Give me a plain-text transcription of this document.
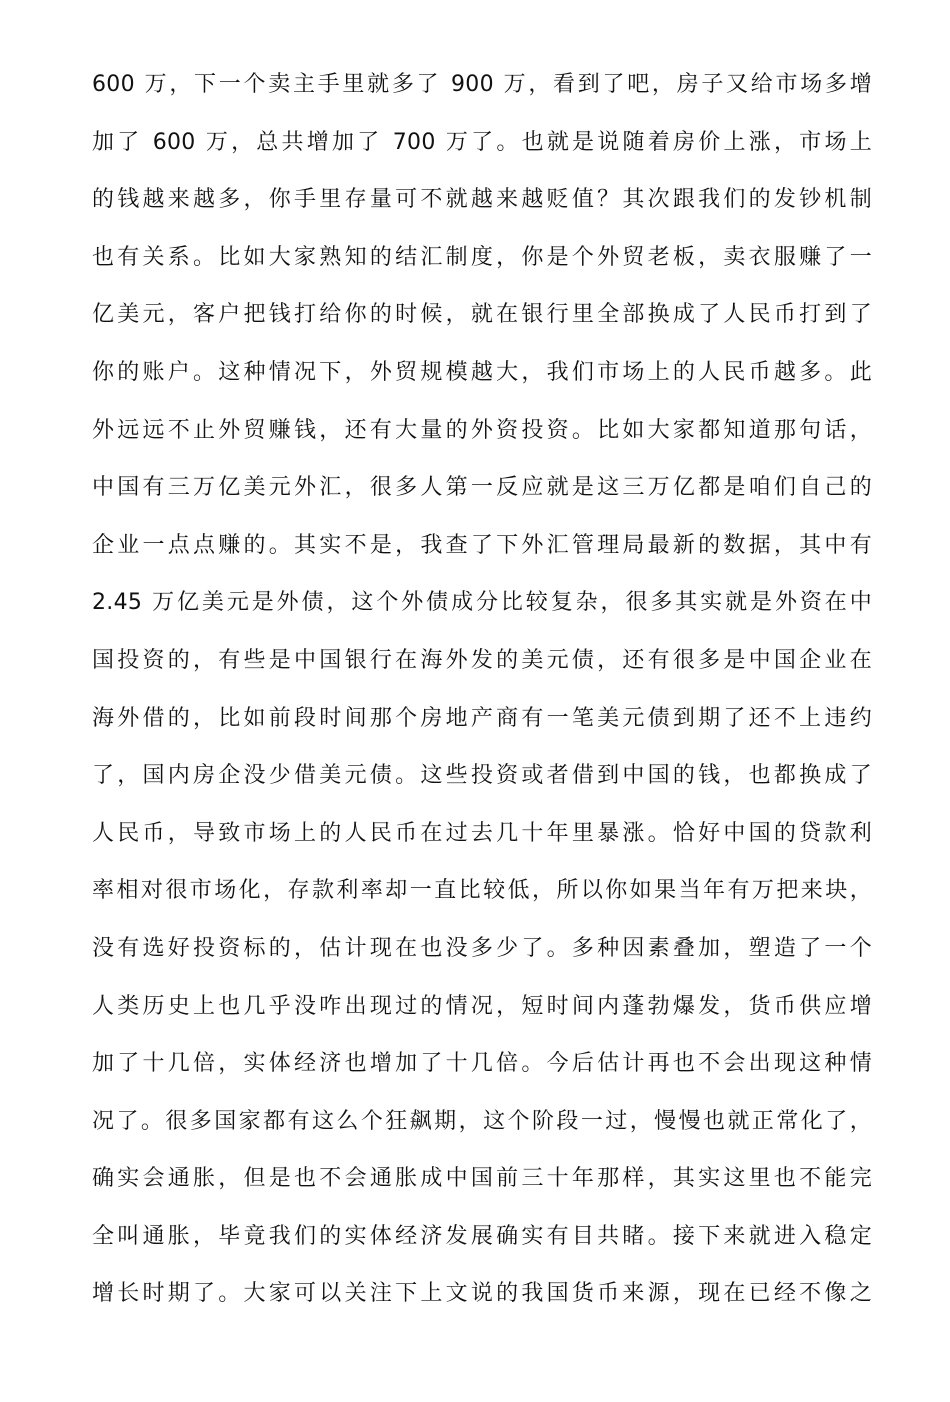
600 万，下一个卖主手里就多了 900 万，看到了吧，房子又给市场多增
加了 600 万，总共增加了 700 万了。也就是说随着房价上涨，市场上
的钱越来越多，你手里存量可不就越来越贬值？其次跟我们的发钞机制
也有关系。比如大家熟知的结汇制度，你是个外贸老板，卖衣服赚了一
亿美元，客户把钱打给你的时候，就在银行里全部换成了人民币打到了
你的账户。这种情况下，外贸规模越大，我们市场上的人民币越多。此
外远远不止外贸赚钱，还有大量的外资投资。比如大家都知道那句话，
中国有三万亿美元外汇，很多人第一反应就是这三万亿都是咱们自己的
企业一点点赚的。其实不是，我查了下外汇管理局最新的数据，其中有
2.45 万亿美元是外债，这个外债成分比较复杂，很多其实就是外资在中
国投资的，有些是中国银行在海外发的美元债，还有很多是中国企业在
海外借的，比如前段时间那个房地产商有一笔美元债到期了还不上违约
了，国内房企没少借美元债。这些投资或者借到中国的钱，也都换成了
人民币，导致市场上的人民币在过去几十年里暴涨。恰好中国的贷款利
率相对很市场化，存款利率却一直比较低，所以你如果当年有万把来块，
没有选好投资标的，估计现在也没多少了。多种因素叠加，塑造了一个
人类历史上也几乎没咋出现过的情况，短时间内蓬勃爆发，货币供应增
加了十几倍，实体经济也增加了十几倍。今后估计再也不会出现这种情
况了。很多国家都有这么个狂飙期，这个阶段一过，慢慢也就正常化了，
确实会通胀，但是也不会通胀成中国前三十年那样，其实这里也不能完
全叫通胀，毕竟我们的实体经济发展确实有目共睹。接下来就进入稳定
增长时期了。大家可以关注下上文说的我国货币来源，现在已经不像之
